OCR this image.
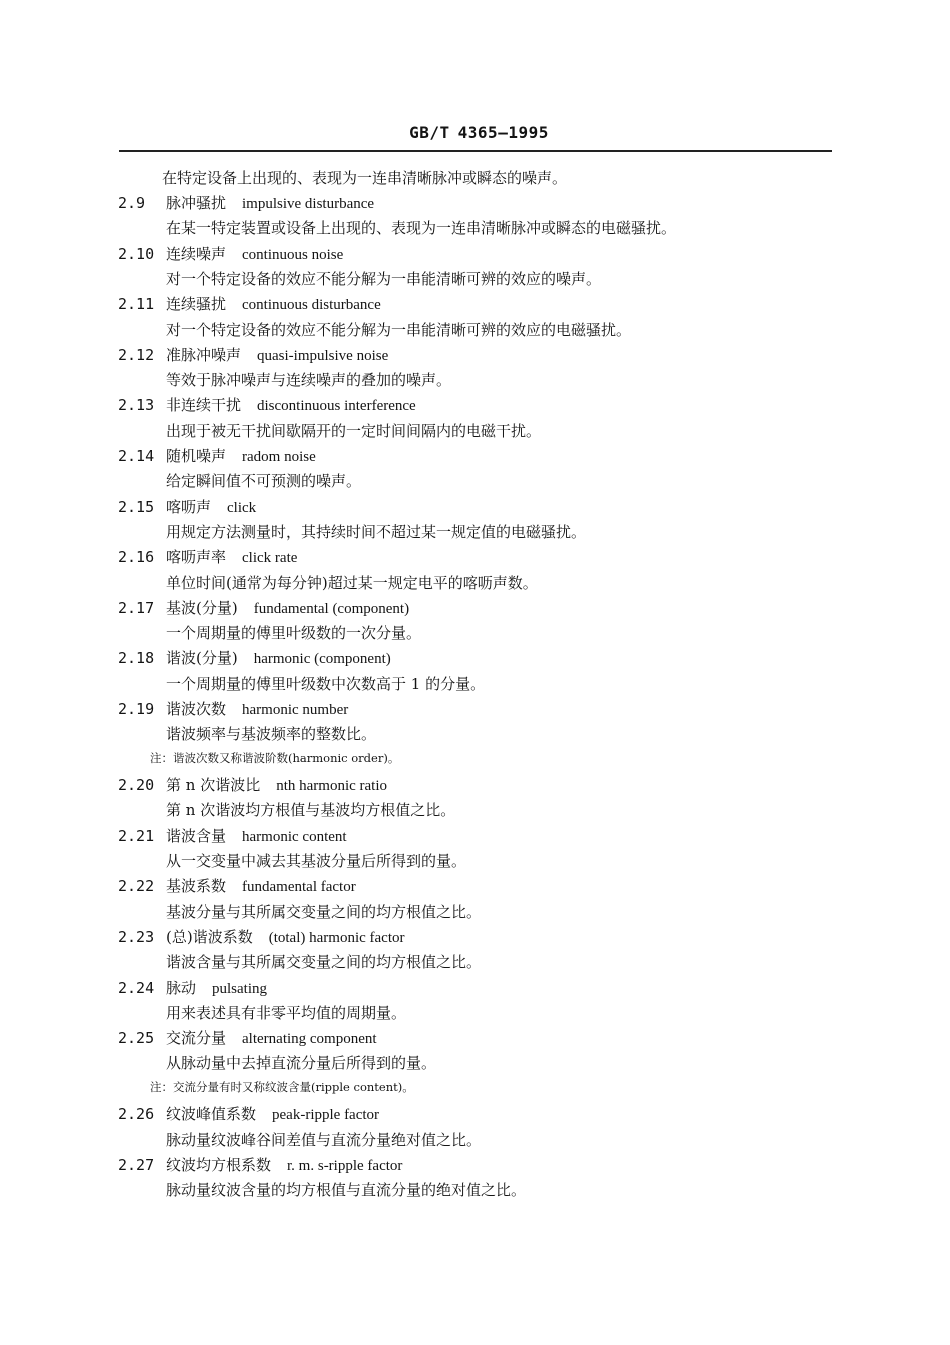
GB/T 4365—1995
在特定设备上出现的、表现为一连串清晰脉冲或瞬态的噪声。
2.9 脉冲骚扰 impulsive disturbance
在某一特定装置或设备上出现的、表现为一连串清晰脉冲或瞬态的电磁骚扰。
2.10 连续噪声 continuous noise
对一个特定设备的效应不能分解为一串能清晰可辨的效应的噪声。
2.11 连续骚扰 continuous disturbance
对一个特定设备的效应不能分解为一串能清晰可辨的效应的电磁骚扰。
2.12 准脉冲噪声 quasi-impulsive noise
等效于脉冲噪声与连续噪声的叠加的噪声。
2.13 非连续干扰 discontinuous interference
出现于被无干扰间歇隔开的一定时间间隔内的电磁干扰。
2.14 随机噪声 radom noise
给定瞬间值不可预测的噪声。
2.15 喀呖声 click
用规定方法测量时，其持续时间不超过某一规定值的电磁骚扰。
2.16 喀呖声率 click rate
单位时间(通常为每分钟)超过某一规定电平的喀呖声数。
2.17 基波(分量) fundamental (component)
一个周期量的傅里叶级数的一次分量。
2.18 谐波(分量) harmonic (component)
一个周期量的傅里叶级数中次数高于 1 的分量。
2.19 谐波次数 harmonic number
谐波频率与基波频率的整数比。
注：谐波次数又称谐波阶数(harmonic order)。
2.20 第 n 次谐波比 nth harmonic ratio
第 n 次谐波均方根值与基波均方根值之比。
2.21 谐波含量 harmonic content
从一交变量中减去其基波分量后所得到的量。
2.22 基波系数 fundamental factor
基波分量与其所属交变量之间的均方根值之比。
2.23 (总)谐波系数 (total) harmonic factor
谐波含量与其所属交变量之间的均方根值之比。
2.24 脉动 pulsating
用来表述具有非零平均值的周期量。
2.25 交流分量 alternating component
从脉动量中去掉直流分量后所得到的量。
注：交流分量有时又称纹波含量(ripple content)。
2.26 纹波峰值系数 peak-ripple factor
脉动量纹波峰谷间差值与直流分量绝对值之比。
2.27 纹波均方根系数 r. m. s-ripple factor
脉动量纹波含量的均方根值与直流分量的绝对值之比。
